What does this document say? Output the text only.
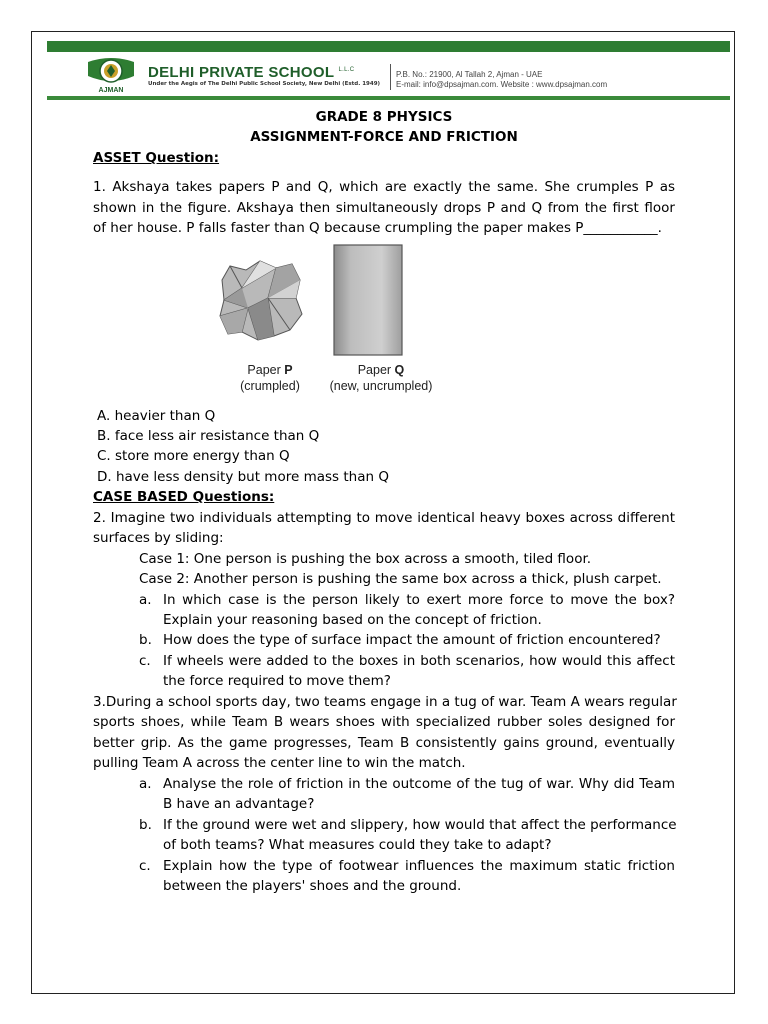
AJMAN
DELHI PRIVATE SCHOOL $^{L.L.C}$
Under the Aegis of The Delhi Public School Society, New Delhi (Estd. 1949)
P.B. No.: 21900, Al Tallah 2, Ajman - UAE
E-mail: info@dpsajman.com. Website : www.dpsajman.com
GRADE 8 PHYSICS
ASSIGNMENT-FORCE AND FRICTION
ASSET Question:
1. Akshaya takes papers P and Q, which are exactly the same. She crumples P as
shown in the figure. Akshaya then simultaneously drops P and Q from the first floor
of her house. P falls faster than Q because crumpling the paper makes P___________.
Paper P
(crumpled)
Paper Q
(new, uncrumpled)
A. heavier than Q
B. face less air resistance than Q
C. store more energy than Q
D. have less density but more mass than Q
CASE BASED Questions:
2. Imagine two individuals attempting to move identical heavy boxes across different
surfaces by sliding:
Case 1: One person is pushing the box across a smooth, tiled floor.
Case 2: Another person is pushing the same box across a thick, plush carpet.
a. In which case is the person likely to exert more force to move the box?
Explain your reasoning based on the concept of friction.
b. How does the type of surface impact the amount of friction encountered?
c. If wheels were added to the boxes in both scenarios, how would this affect
the force required to move them?
3.During a school sports day, two teams engage in a tug of war. Team A wears regular
sports shoes, while Team B wears shoes with specialized rubber soles designed for
better grip. As the game progresses, Team B consistently gains ground, eventually
pulling Team A across the center line to win the match.
a. Analyse the role of friction in the outcome of the tug of war. Why did Team
B have an advantage?
b. If the ground were wet and slippery, how would that affect the performance
of both teams? What measures could they take to adapt?
c. Explain how the type of footwear influences the maximum static friction
between the players' shoes and the ground.
